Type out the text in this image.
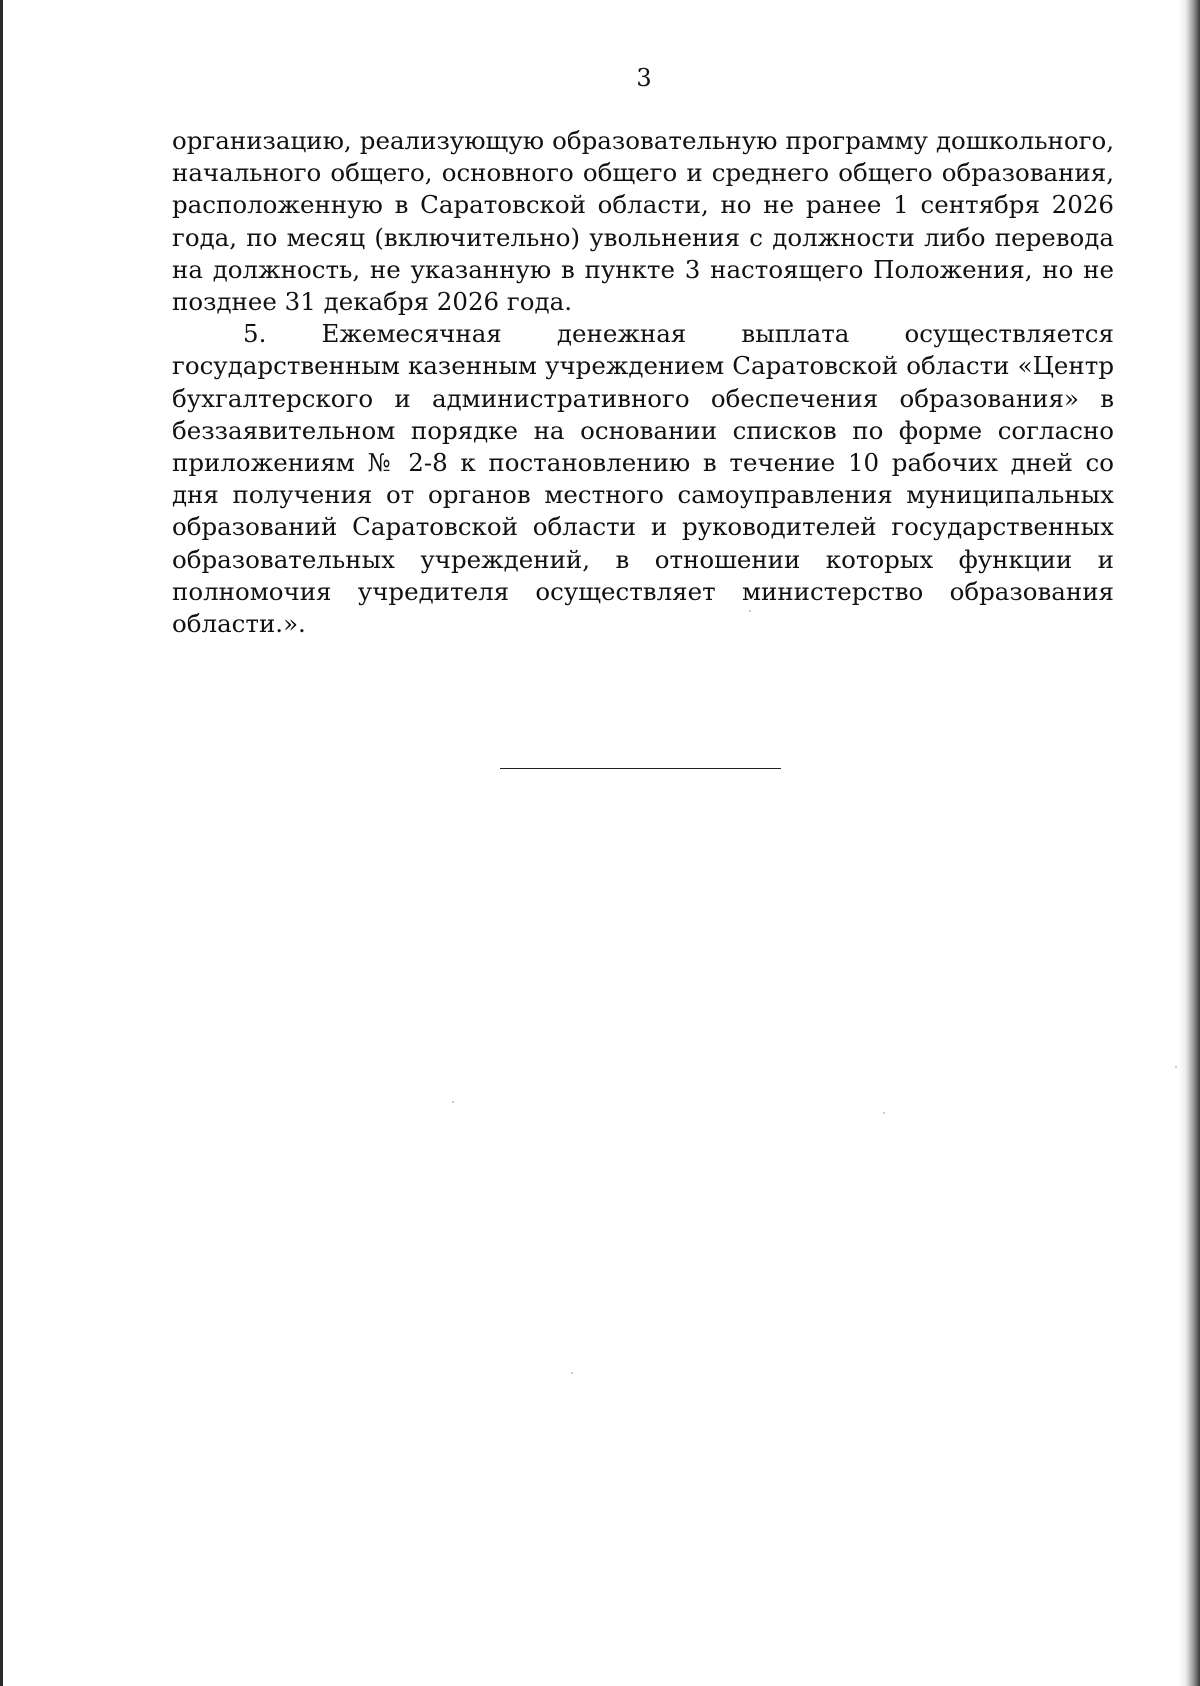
3

организацию, реализующую образовательную программу дошкольного, начального общего, основного общего и среднего общего образования, расположенную в Саратовской области, но не ранее 1 сентября 2026 года, по месяц (включительно) увольнения с должности либо перевода на должность, не указанную в пункте 3 настоящего Положения, но не позднее 31 декабря 2026 года.

5. Ежемесячная денежная выплата осуществляется государственным казенным учреждением Саратовской области «Центр бухгалтерского и административного обеспечения образования» в беззаявительном порядке на основании списков по форме согласно приложениям № 2-8 к постановлению в течение 10 рабочих дней со дня получения от органов местного самоуправления муниципальных образований Саратовской области и руководителей государственных образовательных учреждений, в отношении которых функции и полномочия учредителя осуществляет министерство образования области.».
